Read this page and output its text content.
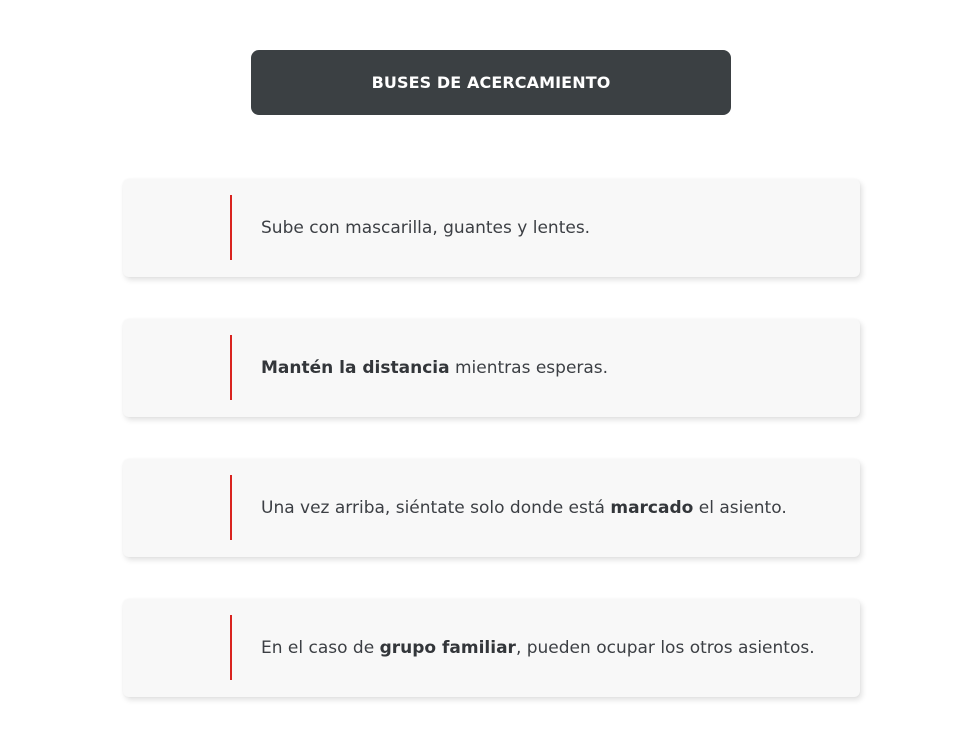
BUSES DE ACERCAMIENTO
Sube con mascarilla, guantes y lentes.
Mantén la distancia mientras esperas.
Una vez arriba, siéntate solo donde está marcado el asiento.
En el caso de grupo familiar, pueden ocupar los otros asientos.
